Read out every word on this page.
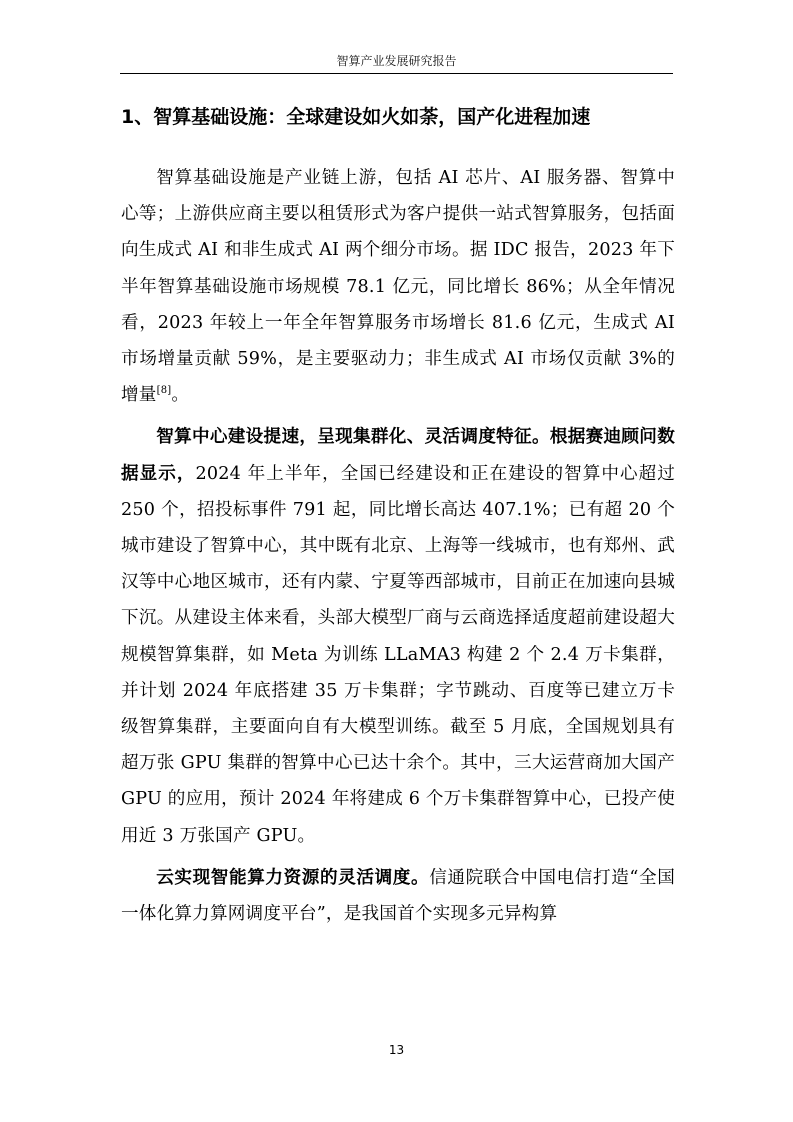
智算产业发展研究报告
1、智算基础设施：全球建设如火如荼，国产化进程加速

智算基础设施是产业链上游，包括 AI 芯片、AI 服务器、智算中心等；上游供应商主要以租赁形式为客户提供一站式智算服务，包括面向生成式 AI 和非生成式 AI 两个细分市场。据 IDC 报告，2023 年下半年智算基础设施市场规模 78.1 亿元，同比增长 86%；从全年情况看，2023 年较上一年全年智算服务市场增长 81.6 亿元，生成式 AI 市场增量贡献 59%，是主要驱动力；非生成式 AI 市场仅贡献 3%的增量[8]。

智算中心建设提速，呈现集群化、灵活调度特征。根据赛迪顾问数据显示，2024 年上半年，全国已经建设和正在建设的智算中心超过 250 个，招投标事件 791 起，同比增长高达 407.1%；已有超 20 个城市建设了智算中心，其中既有北京、上海等一线城市，也有郑州、武汉等中心地区城市，还有内蒙、宁夏等西部城市，目前正在加速向县城下沉。从建设主体来看，头部大模型厂商与云商选择适度超前建设超大规模智算集群，如 Meta 为训练 LLaMA3 构建 2 个 2.4 万卡集群，并计划 2024 年底搭建 35 万卡集群；字节跳动、百度等已建立万卡级智算集群，主要面向自有大模型训练。截至 5 月底，全国规划具有超万张 GPU 集群的智算中心已达十余个。其中，三大运营商加大国产 GPU 的应用，预计 2024 年将建成 6 个万卡集群智算中心，已投产使用近 3 万张国产 GPU。

云实现智能算力资源的灵活调度。信通院联合中国电信打造“全国一体化算力算网调度平台”，是我国首个实现多元异构算

13
